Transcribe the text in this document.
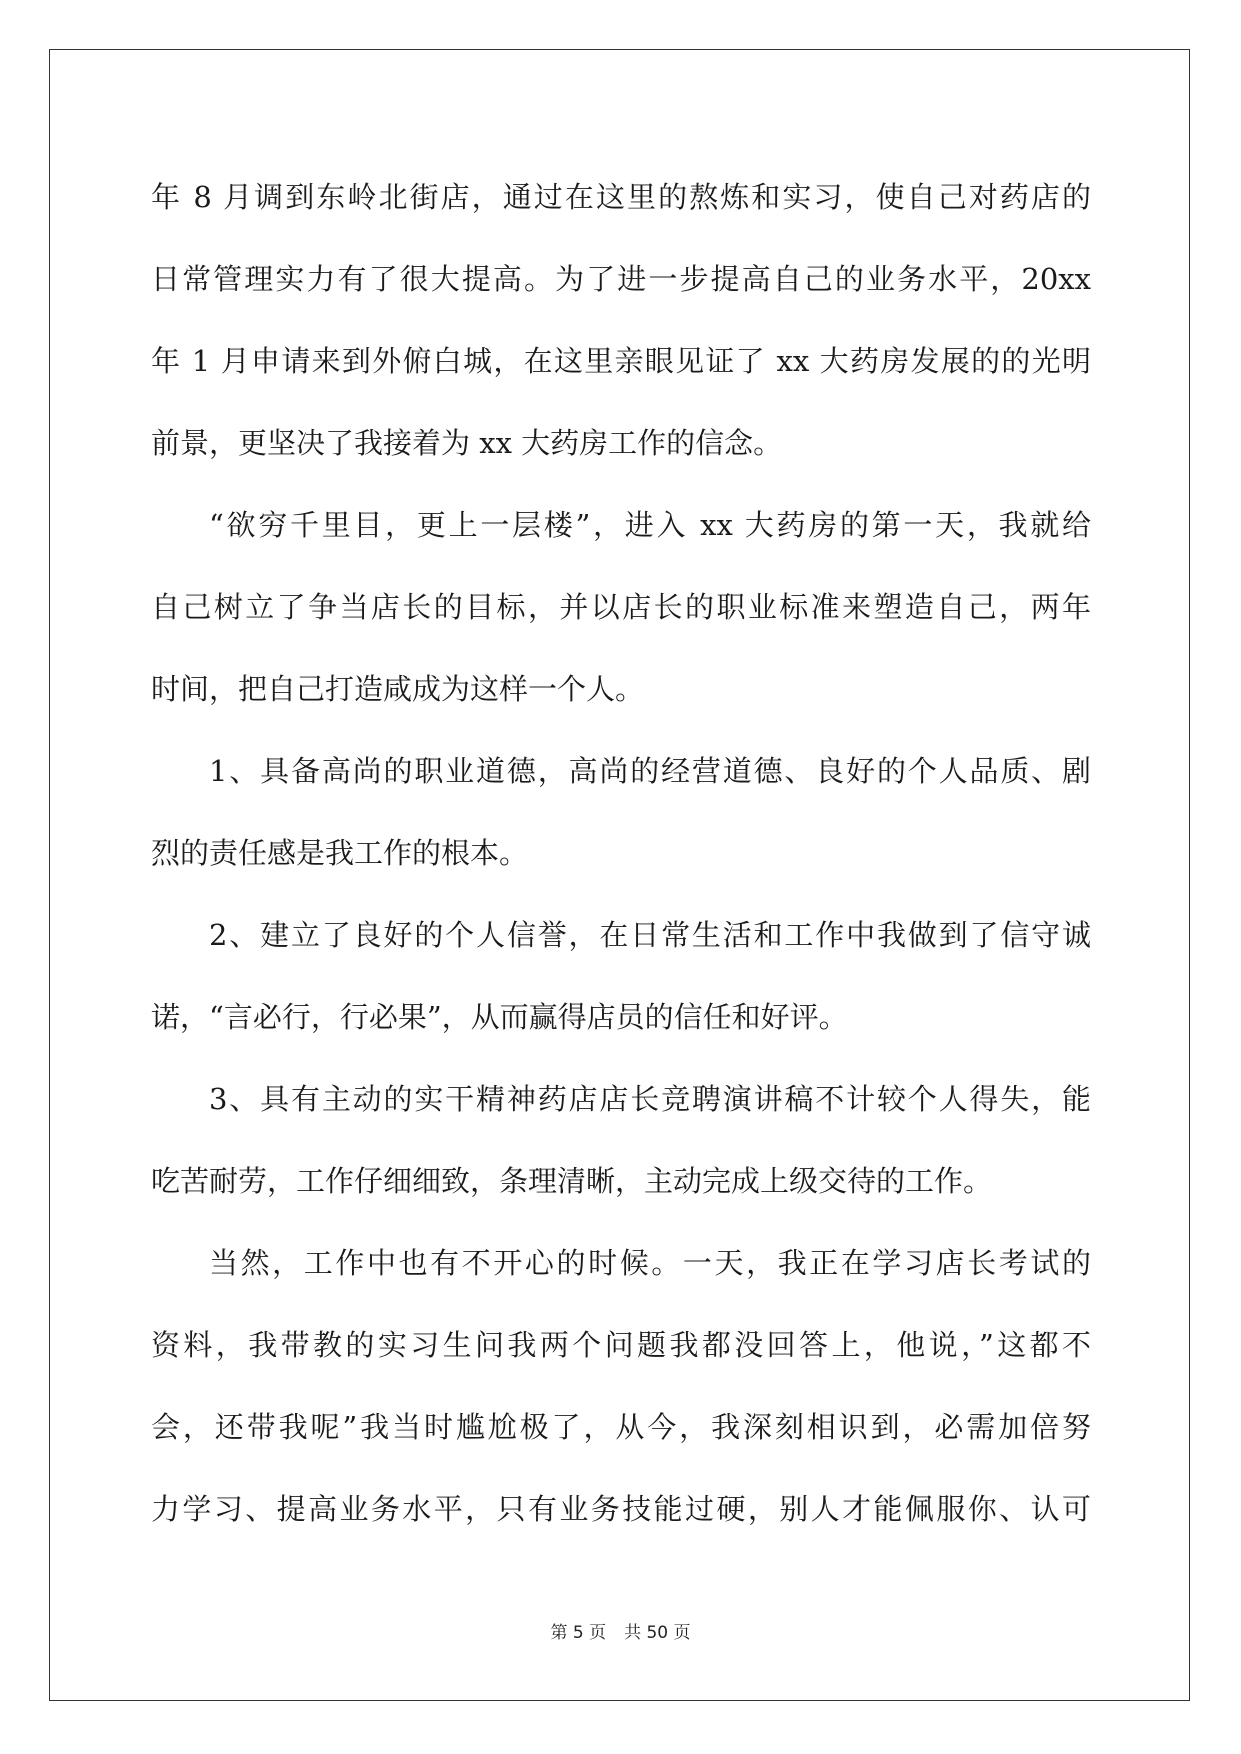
年 8 月调到东岭北街店，通过在这里的熬炼和实习，使自己对药店的
日常管理实力有了很大提高。为了进一步提高自己的业务水平，20xx
年 1 月申请来到外俯白城，在这里亲眼见证了 xx 大药房发展的的光明
前景，更坚决了我接着为 xx 大药房工作的信念。
“欲穷千里目，更上一层楼”，进入 xx 大药房的第一天，我就给
自己树立了争当店长的目标，并以店长的职业标准来塑造自己，两年
时间，把自己打造咸成为这样一个人。
1、具备高尚的职业道德，高尚的经营道德、良好的个人品质、剧
烈的责任感是我工作的根本。
2、建立了良好的个人信誉，在日常生活和工作中我做到了信守诚
诺，“言必行，行必果”，从而赢得店员的信任和好评。
3、具有主动的实干精神药店店长竞聘演讲稿不计较个人得失，能
吃苦耐劳，工作仔细细致，条理清晰，主动完成上级交待的工作。
当然，工作中也有不开心的时候。一天，我正在学习店长考试的
资料，我带教的实习生问我两个问题我都没回答上，他说，”这都不
会，还带我呢”我当时尴尬极了，从今，我深刻相识到，必需加倍努
力学习、提高业务水平，只有业务技能过硬，别人才能佩服你、认可
第 5 页 共 50 页
